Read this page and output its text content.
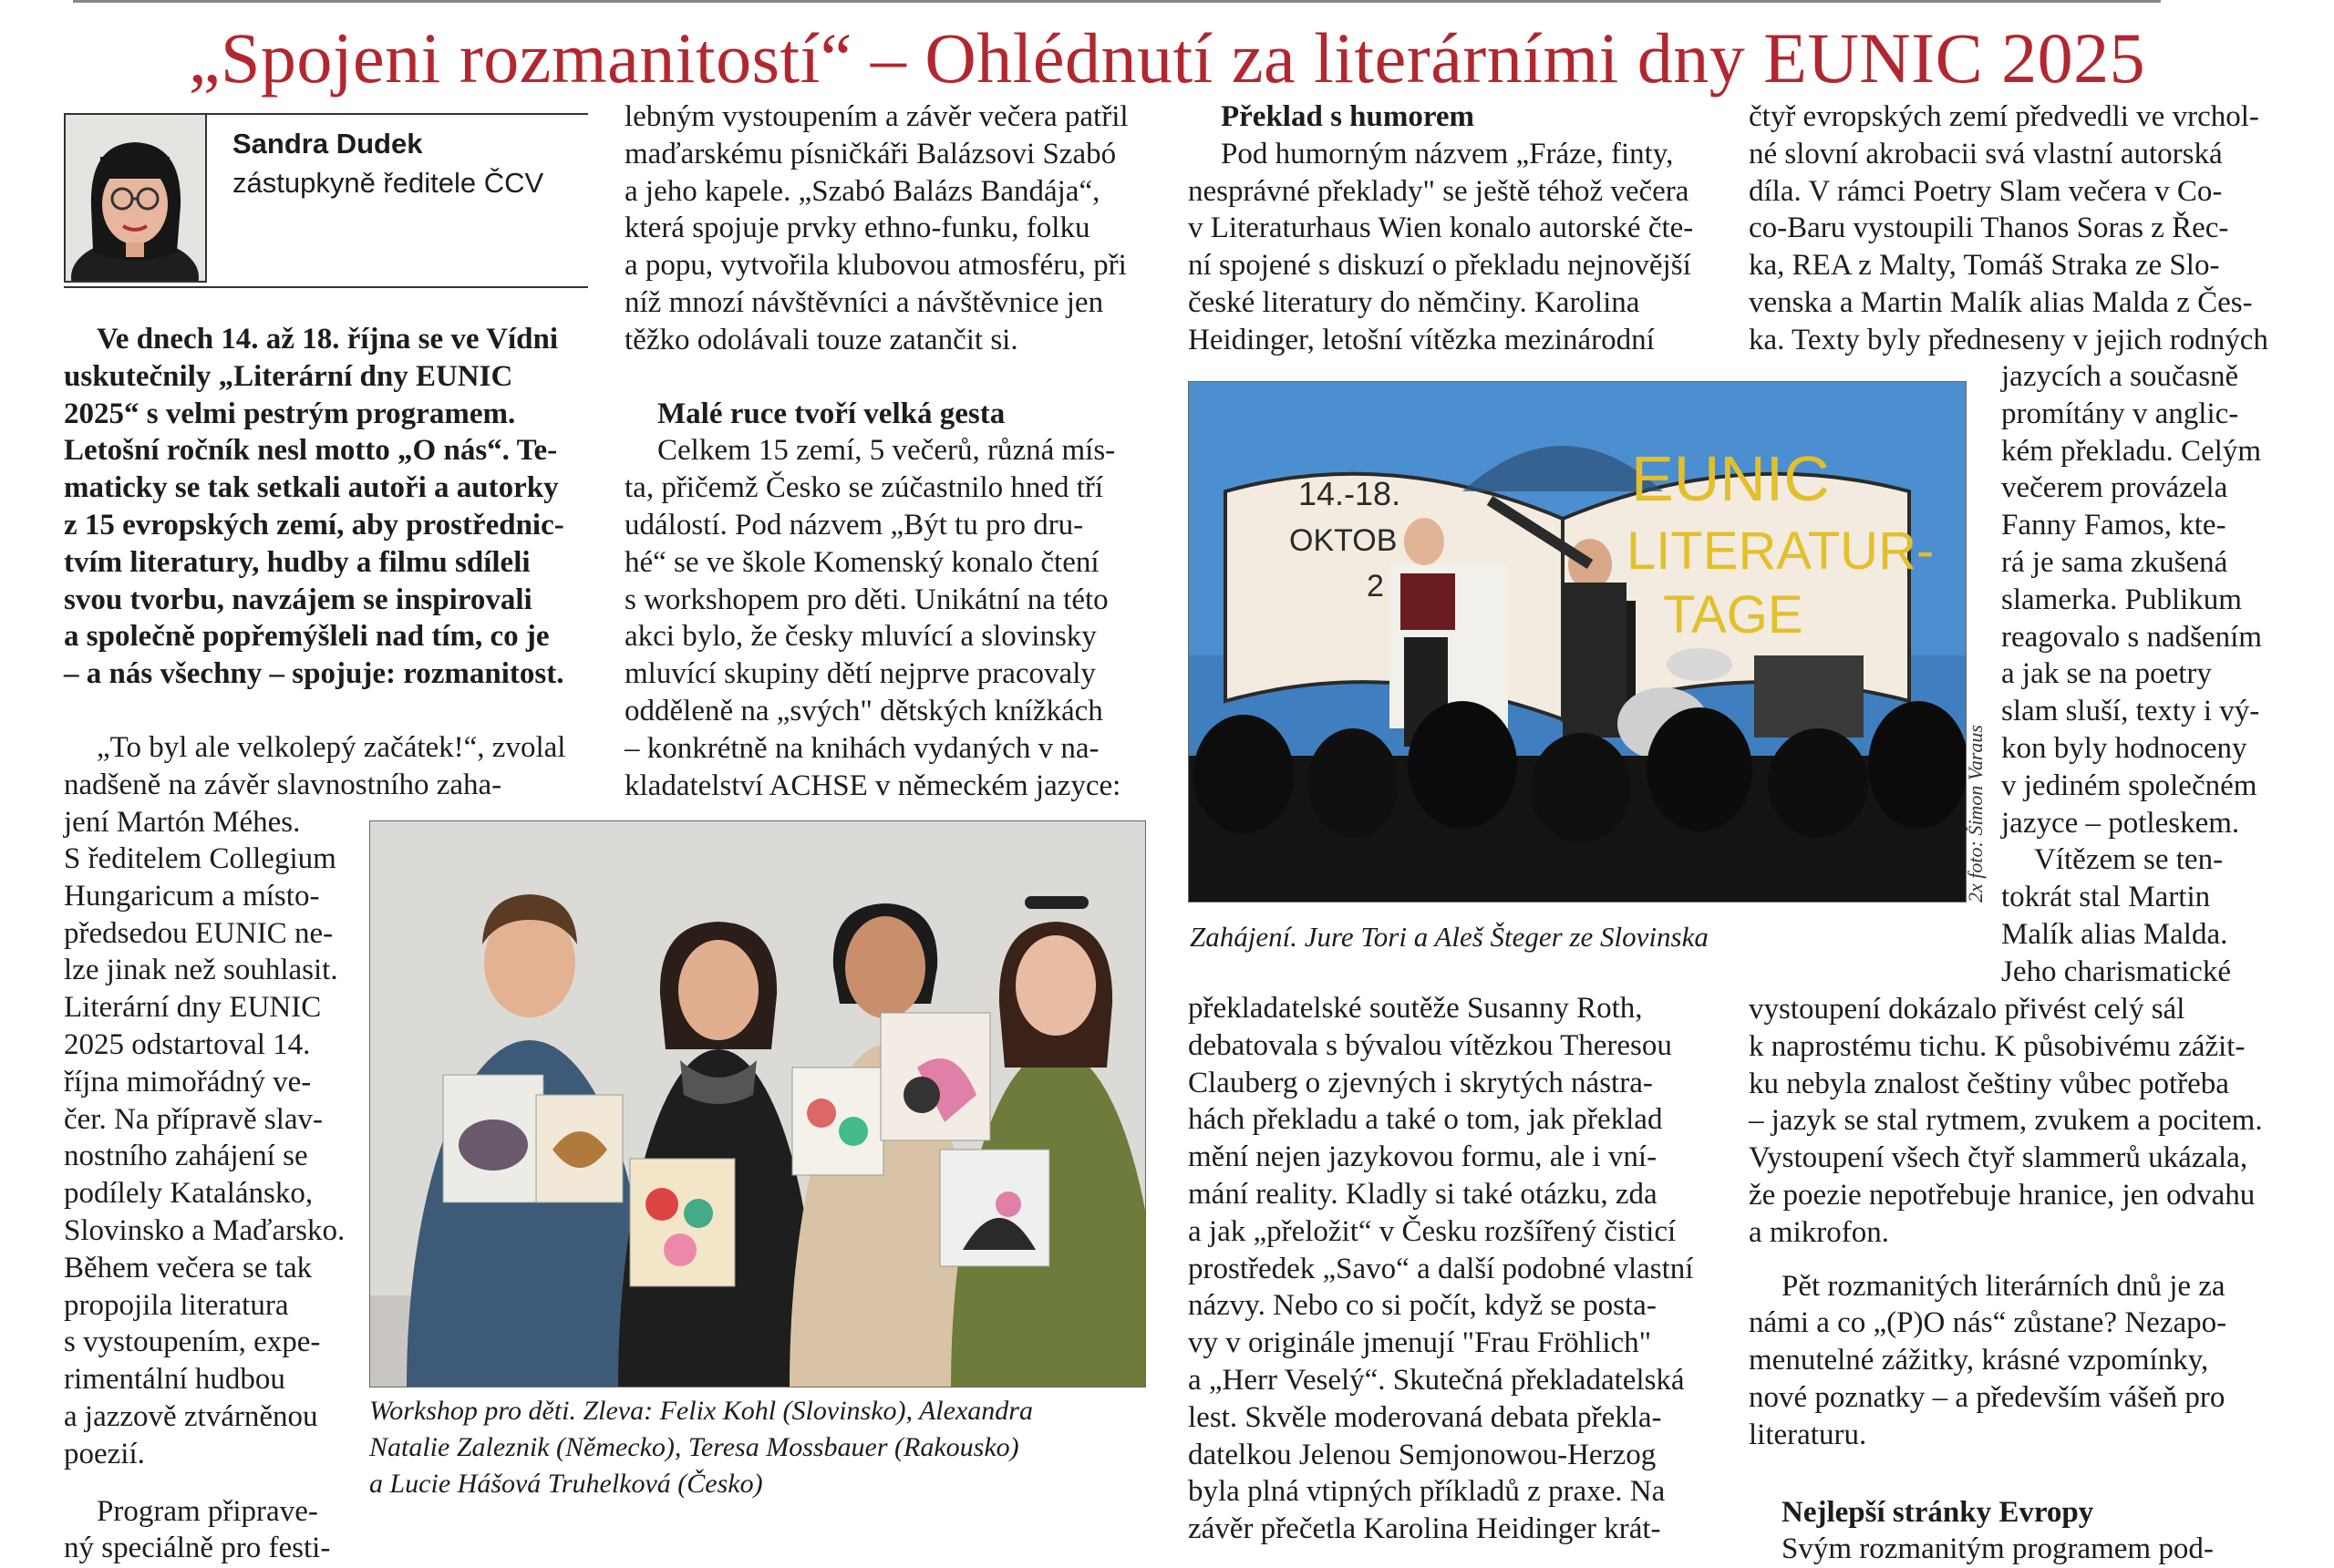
„Spojeni rozmanitostí“ – Ohlédnutí za literárními dny EUNIC 2025
Sandra Dudek
zástupkyně ředitele ČCV

Ve dnech 14. až 18. října se ve Vídni

uskutečnily „Literární dny EUNIC

2025“ s velmi pestrým programem.

Letošní ročník nesl motto „O nás“. Te-

maticky se tak setkali autoři a autorky

z 15 evropských zemí, aby prostřednic-

tvím literatury, hudby a filmu sdíleli

svou tvorbu, navzájem se inspirovali

a společně popřemýšleli nad tím, co je

– a nás všechny – spojuje: rozmanitost.

„To byl ale velkolepý začátek!“, zvolal

nadšeně na závěr slavnostního zaha-

jení Martón Méhes.

S ředitelem Collegium

Hungaricum a místo-

předsedou EUNIC ne-

lze jinak než souhlasit.

Literární dny EUNIC

2025 odstartoval 14.

října mimořádný ve-

čer. Na přípravě slav-

nostního zahájení se

podílely Katalánsko,

Slovinsko a Maďarsko.

Během večera se tak

propojila literatura

s vystoupením, expe-

rimentální hudbou

a jazzově ztvárněnou

poezií.

Program připrave-

ný speciálně pro festi-

lebným vystoupením a závěr večera patřil

maďarskému písničkáři Balázsovi Szabó

a jeho kapele. „Szabó Balázs Bandája“,

která spojuje prvky ethno-funku, folku

a popu, vytvořila klubovou atmosféru, při

níž mnozí návštěvníci a návštěvnice jen

těžko odolávali touze zatančit si.

Malé ruce tvoří velká gesta

Celkem 15 zemí, 5 večerů, různá mís-

ta, přičemž Česko se zúčastnilo hned tří

událostí. Pod názvem „Být tu pro dru-

hé“ se ve škole Komenský konalo čtení

s workshopem pro děti. Unikátní na této

akci bylo, že česky mluvící a slovinsky

mluvící skupiny dětí nejprve pracovaly

odděleně na „svých" dětských knížkách

– konkrétně na knihách vydaných v na-

kladatelství ACHSE v německém jazyce:

Workshop pro děti. Zleva: Felix Kohl (Slovinsko), Alexandra

Natalie Zaleznik (Německo), Teresa Mossbauer (Rakousko)

a Lucie Hášová Truhelková (Česko)

Překlad s humorem

Pod humorným názvem „Fráze, finty,

nesprávné překlady" se ještě téhož večera

v Literaturhaus Wien konalo autorské čte-

ní spojené s diskuzí o překladu nejnovější

české literatury do němčiny. Karolina

Heidinger, letošní vítězka mezinárodní

14.-18.
OKTOB
2
EUNIC
LITERATUR-
TAGE
2x foto: Šimon Varaus
Zahájení. Jure Tori a Aleš Šteger ze Slovinska

překladatelské soutěže Susanny Roth,

debatovala s bývalou vítězkou Theresou

Clauberg o zjevných i skrytých nástra-

hách překladu a také o tom, jak překlad

mění nejen jazykovou formu, ale i vní-

mání reality. Kladly si také otázku, zda

a jak „přeložit“ v Česku rozšířený čisticí

prostředek „Savo“ a další podobné vlastní

názvy. Nebo co si počít, když se posta-

vy v originále jmenují "Frau Fröhlich"

a „Herr Veselý“. Skutečná překladatelská

lest. Skvěle moderovaná debata překla-

datelkou Jelenou Semjonowou-Herzog

byla plná vtipných příkladů z praxe. Na

závěr přečetla Karolina Heidinger krát-

čtyř evropských zemí předvedli ve vrchol-

né slovní akrobacii svá vlastní autorská

díla. V rámci Poetry Slam večera v Co-

co-Baru vystoupili Thanos Soras z Řec-

ka, REA z Malty, Tomáš Straka ze Slo-

venska a Martin Malík alias Malda z Čes-

ka. Texty byly předneseny v jejich rodných

jazycích a současně

promítány v anglic-

kém překladu. Celým

večerem provázela

Fanny Famos, kte-

rá je sama zkušená

slamerka. Publikum

reagovalo s nadšením

a jak se na poetry

slam sluší, texty i vý-

kon byly hodnoceny

v jediném společném

jazyce – potleskem.

Vítězem se ten-

tokrát stal Martin

Malík alias Malda.

Jeho charismatické

vystoupení dokázalo přivést celý sál

k naprostému tichu. K působivému zážit-

ku nebyla znalost češtiny vůbec potřeba

– jazyk se stal rytmem, zvukem a pocitem.

Vystoupení všech čtyř slammerů ukázala,

že poezie nepotřebuje hranice, jen odvahu

a mikrofon.

Pět rozmanitých literárních dnů je za

námi a co „(P)O nás“ zůstane? Nezapo-

menutelné zážitky, krásné vzpomínky,

nové poznatky – a především vášeň pro

literaturu.

Nejlepší stránky Evropy

Svým rozmanitým programem pod-
